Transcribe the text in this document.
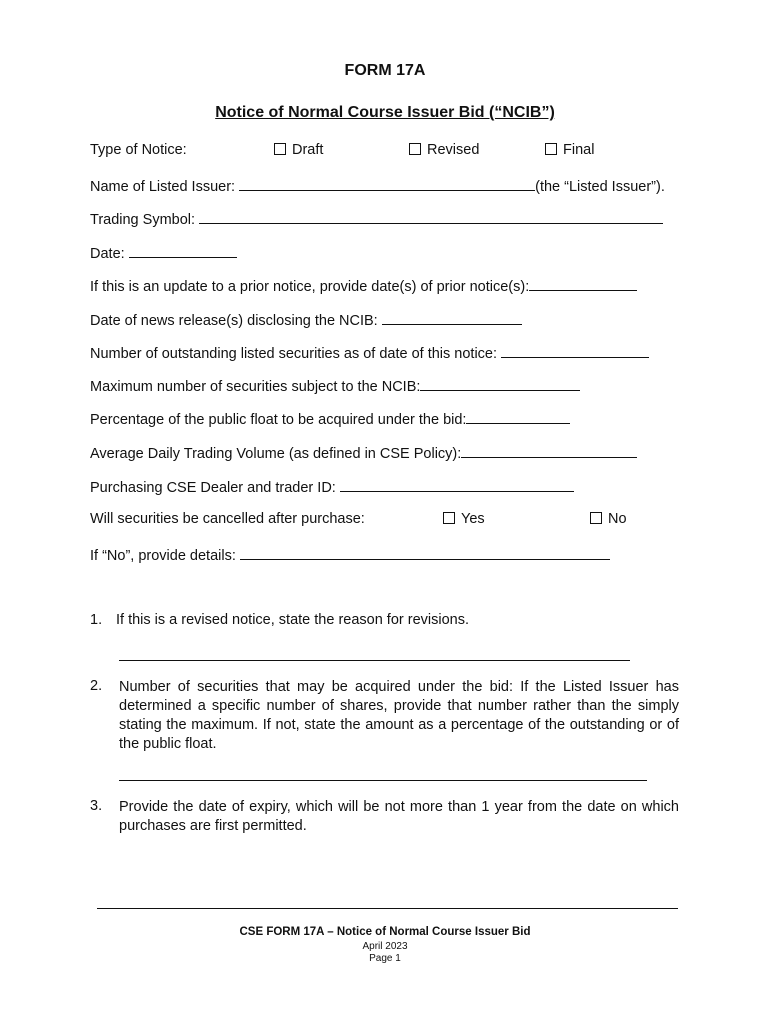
FORM 17A
Notice of Normal Course Issuer Bid (“NCIB”)
Type of Notice:	Draft	Revised	Final
Name of Listed Issuer:	(the “Listed Issuer”).
Trading Symbol:
Date:
If this is an update to a prior notice, provide date(s) of prior notice(s):
Date of news release(s) disclosing the NCIB:
Number of outstanding listed securities as of date of this notice:
Maximum number of securities subject to the NCIB:
Percentage of the public float to be acquired under the bid:
Average Daily Trading Volume (as defined in CSE Policy):
Purchasing CSE Dealer and trader ID:
Will securities be cancelled after purchase:	Yes	No
If “No”, provide details:
1. If this is a revised notice, state the reason for revisions.
2.	Number of securities that may be acquired under the bid: If the Listed Issuer has determined a specific number of shares, provide that number rather than the simply stating the maximum. If not, state the amount as a percentage of the outstanding or of the public float.
3.	Provide the date of expiry, which will be not more than 1 year from the date on which purchases are first permitted.
CSE FORM 17A – Notice of Normal Course Issuer Bid
April 2023
Page 1
